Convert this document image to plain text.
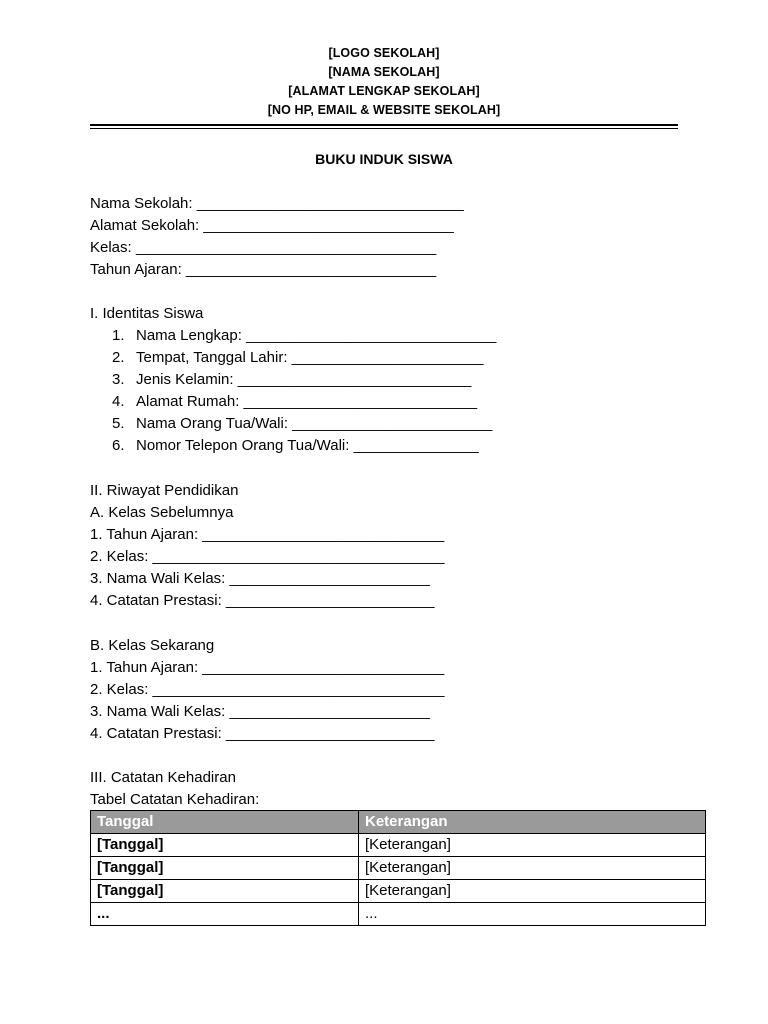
[LOGO SEKOLAH]
[NAMA SEKOLAH]
[ALAMAT LENGKAP SEKOLAH]
[NO HP, EMAIL & WEBSITE SEKOLAH]
BUKU INDUK SISWA
Nama Sekolah: ________________________________
Alamat Sekolah: ______________________________
Kelas: ____________________________________
Tahun Ajaran: ______________________________
I. Identitas Siswa
1. Nama Lengkap: ______________________________
2. Tempat, Tanggal Lahir: _______________________
3. Jenis Kelamin: ____________________________
4. Alamat Rumah: ____________________________
5. Nama Orang Tua/Wali: ________________________
6. Nomor Telepon Orang Tua/Wali: _______________
II. Riwayat Pendidikan
A. Kelas Sebelumnya
1. Tahun Ajaran: _____________________________
2. Kelas: ___________________________________
3. Nama Wali Kelas: ________________________
4. Catatan Prestasi: _________________________
B. Kelas Sekarang
1. Tahun Ajaran: _____________________________
2. Kelas: ___________________________________
3. Nama Wali Kelas: ________________________
4. Catatan Prestasi: _________________________
III. Catatan Kehadiran
Tabel Catatan Kehadiran:
Tanggal	Keterangan
[Tanggal]	[Keterangan]
[Tanggal]	[Keterangan]
[Tanggal]	[Keterangan]
...	...
